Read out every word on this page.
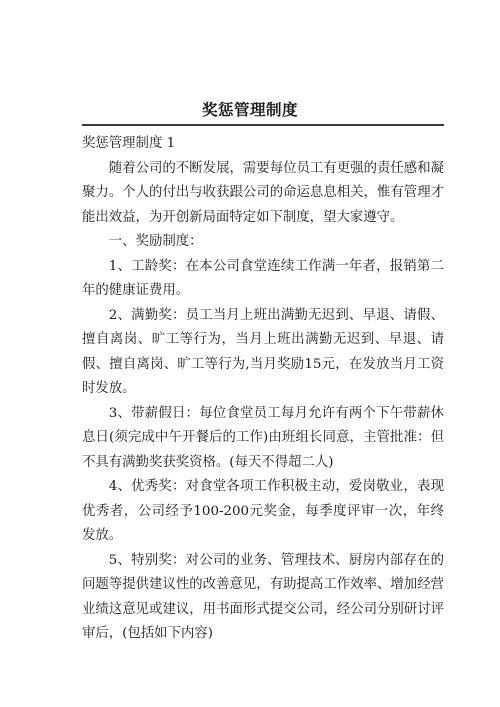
奖惩管理制度

奖惩管理制度 1

随着公司的不断发展，需要每位员工有更强的责任感和凝聚力。个人的付出与收获跟公司的命运息息相关，惟有管理才能出效益，为开创新局面特定如下制度，望大家遵守。

一、奖励制度：

1、工龄奖：在本公司食堂连续工作满一年者，报销第二年的健康证费用。

2、满勤奖：员工当月上班出满勤无迟到、早退、请假、擅自离岗、旷工等行为，当月上班出满勤无迟到、早退、请假、擅自离岗、旷工等行为,当月奖励15元，在发放当月工资时发放。

3、带薪假日：每位食堂员工每月允许有两个下午带薪休息日(须完成中午开餐后的工作)由班组长同意，主管批准：但不具有满勤奖获奖资格。(每天不得超二人)

4、优秀奖：对食堂各项工作积极主动，爱岗敬业，表现优秀者，公司经予100-200元奖金，每季度评审一次，年终发放。

5、特别奖：对公司的业务、管理技术、厨房内部存在的问题等提供建议性的改善意见，有助提高工作效率、增加经营业绩这意见或建议，用书面形式提交公司，经公司分别研讨评审后，(包括如下内容)
